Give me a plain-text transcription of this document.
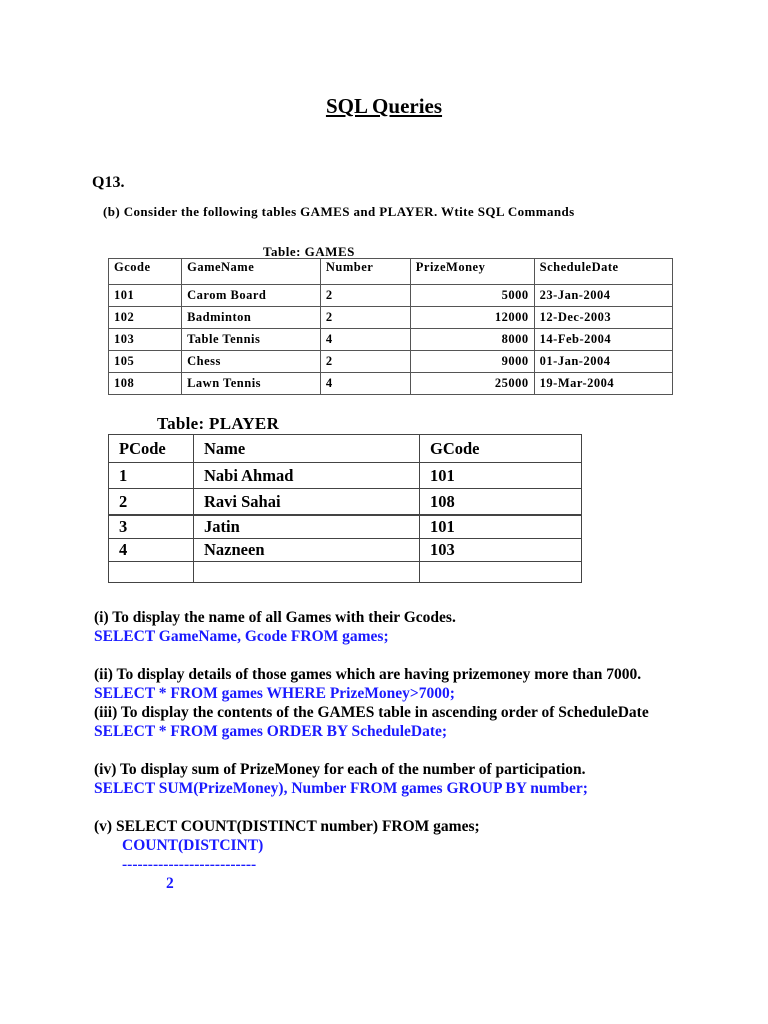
SQL Queries
Q13.
(b) Consider the following tables GAMES and PLAYER. Wtite SQL Commands
Table: GAMES
Gcode	GameName	Number	PrizeMoney	ScheduleDate
101	Carom Board	2	5000	23-Jan-2004
102	Badminton	2	12000	12-Dec-2003
103	Table Tennis	4	8000	14-Feb-2004
105	Chess	2	9000	01-Jan-2004
108	Lawn Tennis	4	25000	19-Mar-2004
Table: PLAYER
PCode	Name	GCode
1	Nabi Ahmad	101
2	Ravi Sahai	108
3	Jatin	101
4	Nazneen	103

(i) To display the name of all Games with their Gcodes.
SELECT GameName, Gcode FROM games;
(ii) To display details of those games which are having prizemoney more than 7000.
SELECT * FROM games WHERE PrizeMoney>7000;
(iii) To display the contents of the GAMES table in ascending order of ScheduleDate
SELECT * FROM games ORDER BY ScheduleDate;
(iv) To display sum of PrizeMoney for each of the number of participation.
SELECT SUM(PrizeMoney), Number FROM games GROUP BY number;
(v) SELECT COUNT(DISTINCT number) FROM games;
COUNT(DISTCINT)
--------------------------
2
